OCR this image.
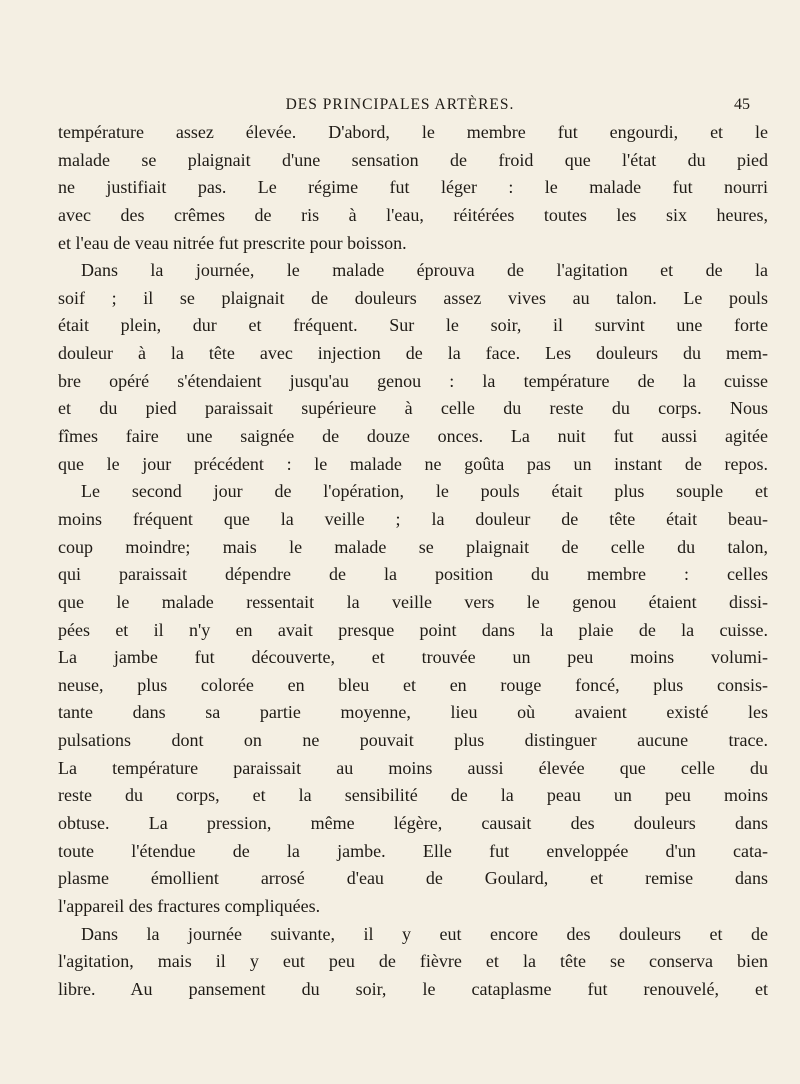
DES PRINCIPALES ARTÈRES.	45
température assez élevée. D'abord, le membre fut engourdi, et le
malade se plaignait d'une sensation de froid que l'état du pied
ne justifiait pas. Le régime fut léger : le malade fut nourri
avec des crêmes de ris à l'eau, réitérées toutes les six heures,
et l'eau de veau nitrée fut prescrite pour boisson.
Dans la journée, le malade éprouva de l'agitation et de la
soif ; il se plaignait de douleurs assez vives au talon. Le pouls
était plein, dur et fréquent. Sur le soir, il survint une forte
douleur à la tête avec injection de la face. Les douleurs du mem-
bre opéré s'étendaient jusqu'au genou : la température de la cuisse
et du pied paraissait supérieure à celle du reste du corps. Nous
fîmes faire une saignée de douze onces. La nuit fut aussi agitée
que le jour précédent : le malade ne goûta pas un instant de repos.
Le second jour de l'opération, le pouls était plus souple et
moins fréquent que la veille ; la douleur de tête était beau-
coup moindre; mais le malade se plaignait de celle du talon,
qui paraissait dépendre de la position du membre : celles
que le malade ressentait la veille vers le genou étaient dissi-
pées et il n'y en avait presque point dans la plaie de la cuisse.
La jambe fut découverte, et trouvée un peu moins volumi-
neuse, plus colorée en bleu et en rouge foncé, plus consis-
tante dans sa partie moyenne, lieu où avaient existé les
pulsations dont on ne pouvait plus distinguer aucune trace.
La température paraissait au moins aussi élevée que celle du
reste du corps, et la sensibilité de la peau un peu moins
obtuse. La pression, même légère, causait des douleurs dans
toute l'étendue de la jambe. Elle fut enveloppée d'un cata-
plasme émollient arrosé d'eau de Goulard, et remise dans
l'appareil des fractures compliquées.
Dans la journée suivante, il y eut encore des douleurs et de
l'agitation, mais il y eut peu de fièvre et la tête se conserva bien
libre. Au pansement du soir, le cataplasme fut renouvelé, et
